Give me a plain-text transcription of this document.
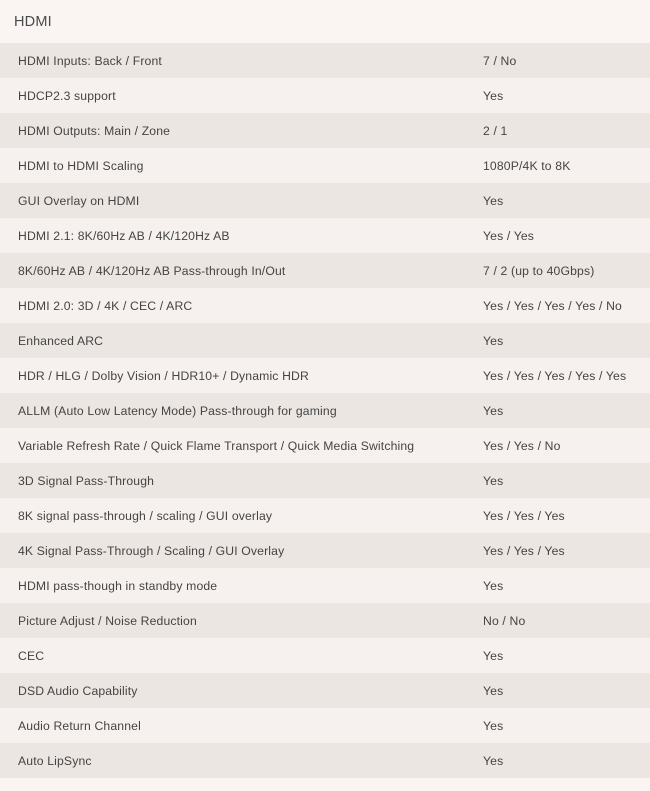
HDMI
HDMI Inputs: Back / Front	7 / No
HDCP2.3 support	Yes
HDMI Outputs: Main / Zone	2 / 1
HDMI to HDMI Scaling	1080P/4K to 8K
GUI Overlay on HDMI	Yes
HDMI 2.1: 8K/60Hz AB / 4K/120Hz AB	Yes / Yes
8K/60Hz AB / 4K/120Hz AB Pass-through In/Out	7 / 2 (up to 40Gbps)
HDMI 2.0: 3D / 4K / CEC / ARC	Yes / Yes / Yes / Yes / No
Enhanced ARC	Yes
HDR / HLG / Dolby Vision / HDR10+ / Dynamic HDR	Yes / Yes / Yes / Yes / Yes
ALLM (Auto Low Latency Mode) Pass-through for gaming	Yes
Variable Refresh Rate / Quick Flame Transport / Quick Media Switching	Yes / Yes / No
3D Signal Pass-Through	Yes
8K signal pass-through / scaling / GUI overlay	Yes / Yes / Yes
4K Signal Pass-Through / Scaling / GUI Overlay	Yes / Yes / Yes
HDMI pass-though in standby mode	Yes
Picture Adjust / Noise Reduction	No / No
CEC	Yes
DSD Audio Capability	Yes
Audio Return Channel	Yes
Auto LipSync	Yes
